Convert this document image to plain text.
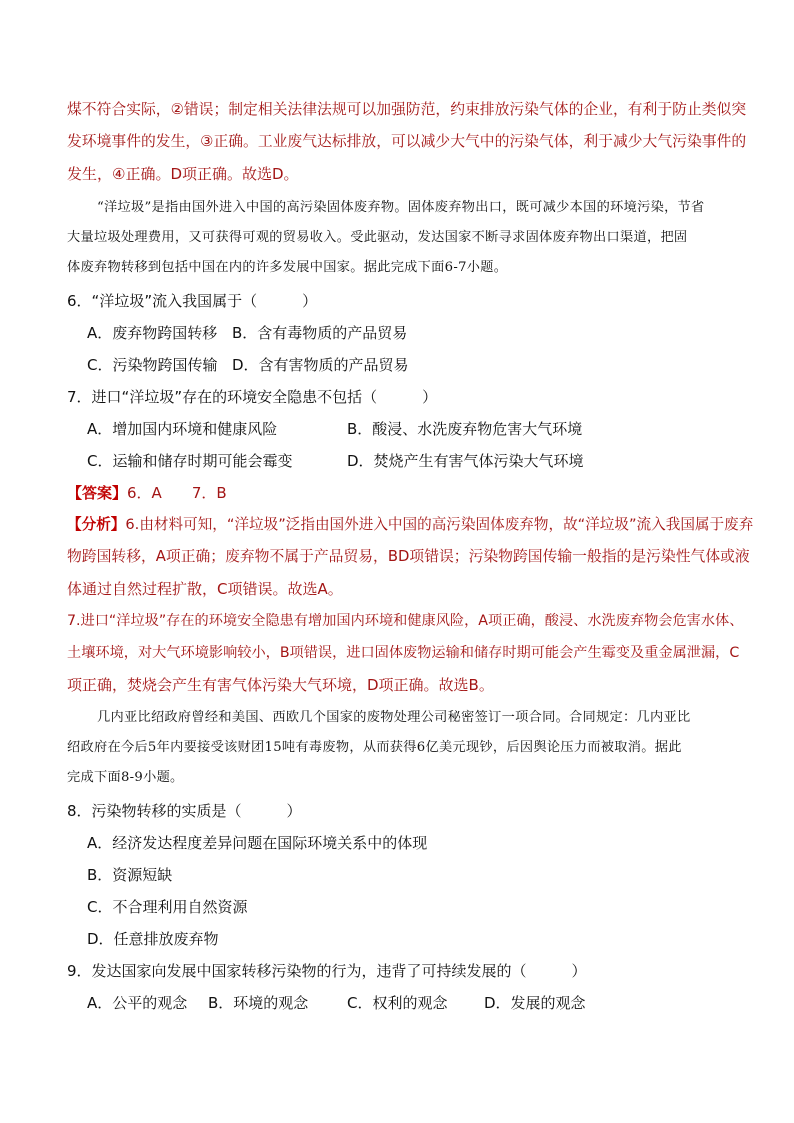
煤不符合实际，②错误；制定相关法律法规可以加强防范，约束排放污染气体的企业，有利于防止类似突
发环境事件的发生，③正确。工业废气达标排放，可以减少大气中的污染气体，利于减少大气污染事件的
发生，④正确。D项正确。故选D。
“洋垃圾”是指由国外进入中国的高污染固体废弃物。固体废弃物出口，既可减少本国的环境污染，节省
大量垃圾处理费用，又可获得可观的贸易收入。受此驱动，发达国家不断寻求固体废弃物出口渠道，把固
体废弃物转移到包括中国在内的许多发展中国家。据此完成下面6-7小题。
6．“洋垃圾”流入我国属于（　　　）
A．废弃物跨国转移 B．含有毒物质的产品贸易
C．污染物跨国传输 D．含有害物质的产品贸易
7．进口“洋垃圾”存在的环境安全隐患不包括（　　　）
A．增加国内环境和健康风险	B．酸浸、水洗废弃物危害大气环境
C．运输和储存时期可能会霉变	D．焚烧产生有害气体污染大气环境
【答案】6．A　　7．B
【分析】6.由材料可知，“洋垃圾”泛指由国外进入中国的高污染固体废弃物，故“洋垃圾”流入我国属于废弃
物跨国转移，A项正确；废弃物不属于产品贸易，BD项错误；污染物跨国传输一般指的是污染性气体或液
体通过自然过程扩散，C项错误。故选A。
7.进口“洋垃圾”存在的环境安全隐患有增加国内环境和健康风险，A项正确，酸浸、水洗废弃物会危害水体、
土壤环境，对大气环境影响较小，B项错误，进口固体废物运输和储存时期可能会产生霉变及重金属泄漏，C
项正确，焚烧会产生有害气体污染大气环境，D项正确。故选B。
几内亚比绍政府曾经和美国、西欧几个国家的废物处理公司秘密签订一项合同。合同规定：几内亚比
绍政府在今后5年内要接受该财团15吨有毒废物，从而获得6亿美元现钞，后因舆论压力而被取消。据此
完成下面8-9小题。
8．污染物转移的实质是（　　　）
A．经济发达程度差异问题在国际环境关系中的体现
B．资源短缺
C．不合理利用自然资源
D．任意排放废弃物
9．发达国家向发展中国家转移污染物的行为，违背了可持续发展的（　　　）
A．公平的观念 B．环境的观念	C．权利的观念 D．发展的观念
